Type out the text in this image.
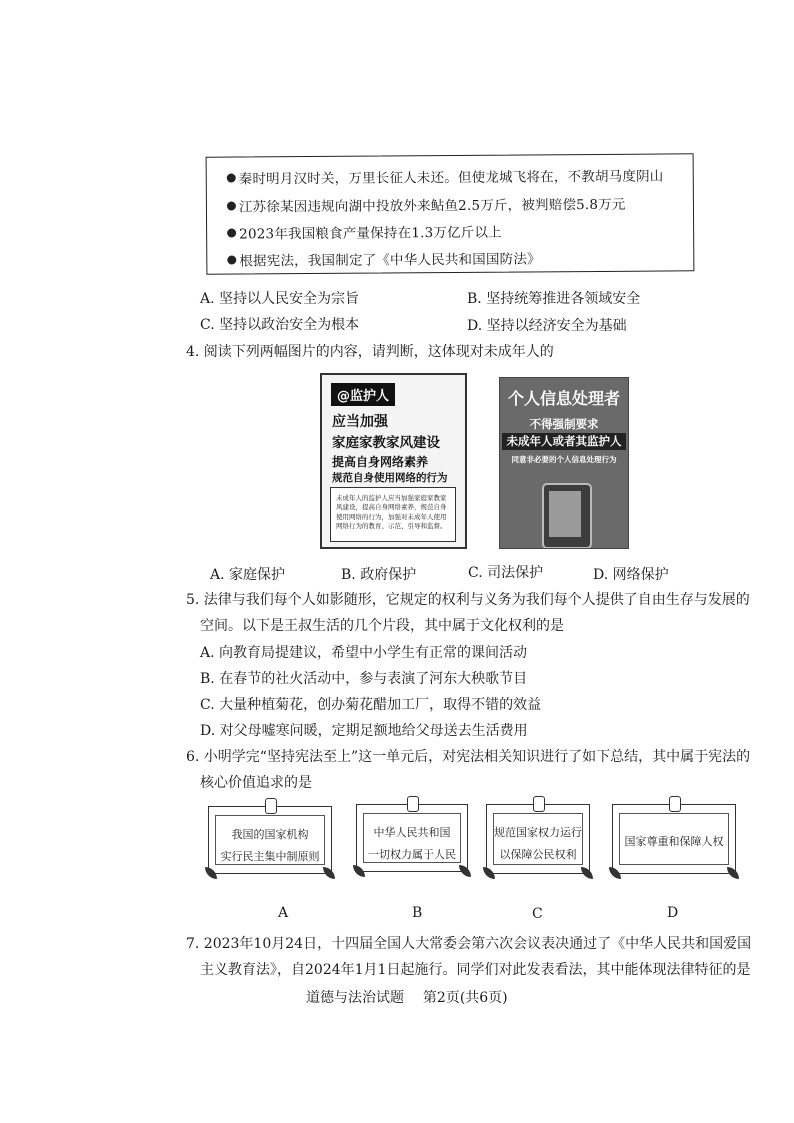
秦时明月汉时关，万里长征人未还。但使龙城飞将在，不教胡马度阴山
江苏徐某因违规向湖中投放外来鲇鱼2.5万斤，被判赔偿5.8万元
2023年我国粮食产量保持在1.3万亿斤以上
根据宪法，我国制定了《中华人民共和国国防法》
A. 坚持以人民安全为宗旨	B. 坚持统筹推进各领域安全
C. 坚持以政治安全为根本	D. 坚持以经济安全为基础
4. 阅读下列两幅图片的内容，请判断，这体现对未成年人的
@监护人
应当加强
家庭家教家风建设
提高自身网络素养
规范自身使用网络的行为
未成年人的监护人应当加强家庭家教家风建设，提高自身网络素养，规范自身使用网络的行为，加强对未成年人使用网络行为的教育、示范、引导和监督。
个人信息处理者
不得强制要求
未成年人或者其监护人
同意非必要的个人信息处理行为
A. 家庭保护	B. 政府保护	C. 司法保护	D. 网络保护
5. 法律与我们每个人如影随形，它规定的权利与义务为我们每个人提供了自由生存与发展的
空间。以下是王叔生活的几个片段，其中属于文化权利的是
A. 向教育局提建议，希望中小学生有正常的课间活动
B. 在春节的社火活动中，参与表演了河东大秧歌节目
C. 大量种植菊花，创办菊花醋加工厂，取得不错的效益
D. 对父母嘘寒问暖，定期足额地给父母送去生活费用
6. 小明学完“坚持宪法至上”这一单元后，对宪法相关知识进行了如下总结，其中属于宪法的
核心价值追求的是
我国的国家机构
实行民主集中制原则
中华人民共和国
一切权力属于人民
规范国家权力运行
以保障公民权利
国家尊重和保障人权
A	B	C	D
7. 2023年10月24日，十四届全国人大常委会第六次会议表决通过了《中华人民共和国爱国
主义教育法》，自2024年1月1日起施行。同学们对此发表看法，其中能体现法律特征的是
道德与法治试题 第2页(共6页)
